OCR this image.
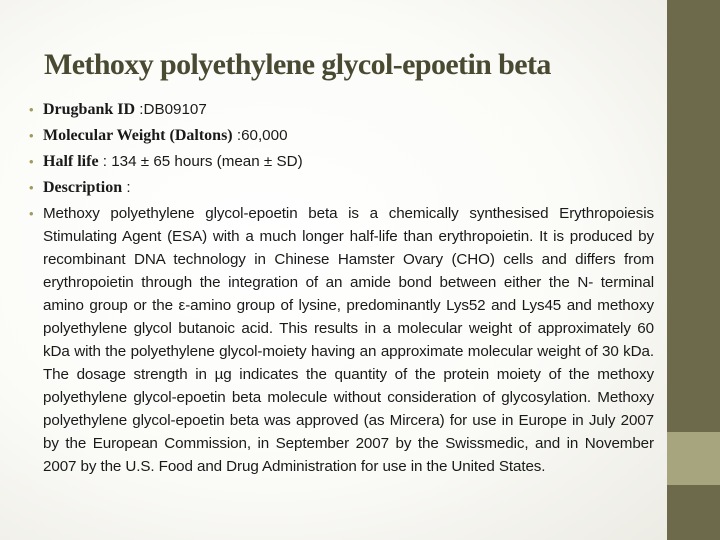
Methoxy polyethylene glycol-epoetin beta
• Drugbank ID :DB09107
• Molecular Weight (Daltons) :60,000
• Half life : 134 ± 65 hours (mean ± SD)
• Description :
• Methoxy polyethylene glycol-epoetin beta is a chemically synthesised Erythropoiesis Stimulating Agent (ESA) with a much longer half-life than erythropoietin. It is produced by recombinant DNA technology in Chinese Hamster Ovary (CHO) cells and differs from erythropoietin through the integration of an amide bond between either the N- terminal amino group or the ε-amino group of lysine, predominantly Lys52 and Lys45 and methoxy polyethylene glycol butanoic acid. This results in a molecular weight of approximately 60 kDa with the polyethylene glycol-moiety having an approximate molecular weight of 30 kDa. The dosage strength in µg indicates the quantity of the protein moiety of the methoxy polyethylene glycol-epoetin beta molecule without consideration of glycosylation. Methoxy polyethylene glycol-epoetin beta was approved (as Mircera) for use in Europe in July 2007 by the European Commission, in September 2007 by the Swissmedic, and in November 2007 by the U.S. Food and Drug Administration for use in the United States.
